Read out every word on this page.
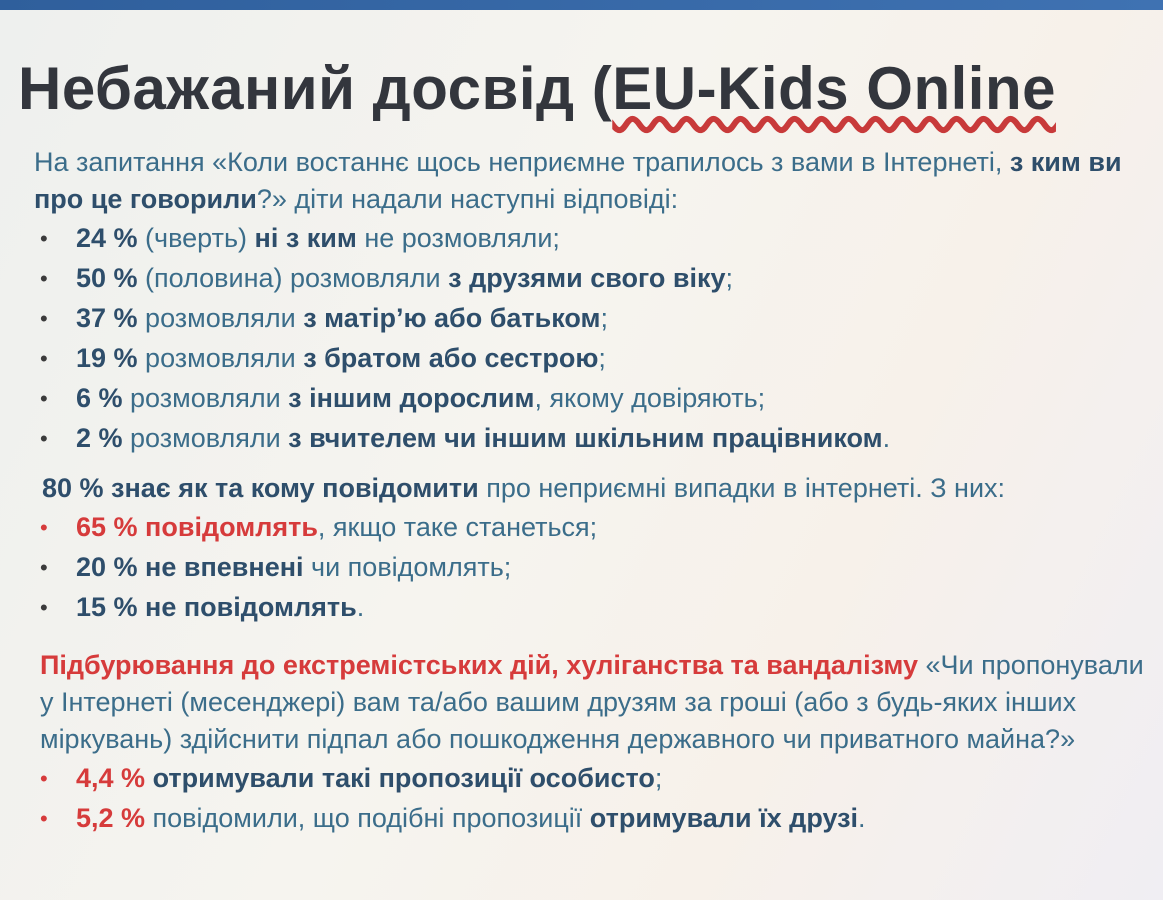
Небажаний досвід (EU-Kids Online

На запитання «Коли востаннє щось неприємне трапилось з вами в Інтернеті, з ким ви про це говорили?» діти надали наступні відповіді:

• 24 % (чверть) ні з ким не розмовляли;
• 50 % (половина) розмовляли з друзями свого віку;
• 37 % розмовляли з матір’ю або батьком;
• 19 % розмовляли з братом або сестрою;
• 6 % розмовляли з іншим дорослим, якому довіряють;
• 2 % розмовляли з вчителем чи іншим шкільним працівником.

80 % знає як та кому повідомити про неприємні випадки в інтернеті. З них:

• 65 % повідомлять, якщо таке станеться;
• 20 % не впевнені чи повідомлять;
• 15 % не повідомлять.

Підбурювання до екстремістських дій, хуліганства та вандалізму «Чи пропонували у Інтернеті (месенджері) вам та/або вашим друзям за гроші (або з будь-яких інших міркувань) здійснити підпал або пошкодження державного чи приватного майна?»

• 4,4 % отримували такі пропозиції особисто;
• 5,2 % повідомили, що подібні пропозиції отримували їх друзі.
